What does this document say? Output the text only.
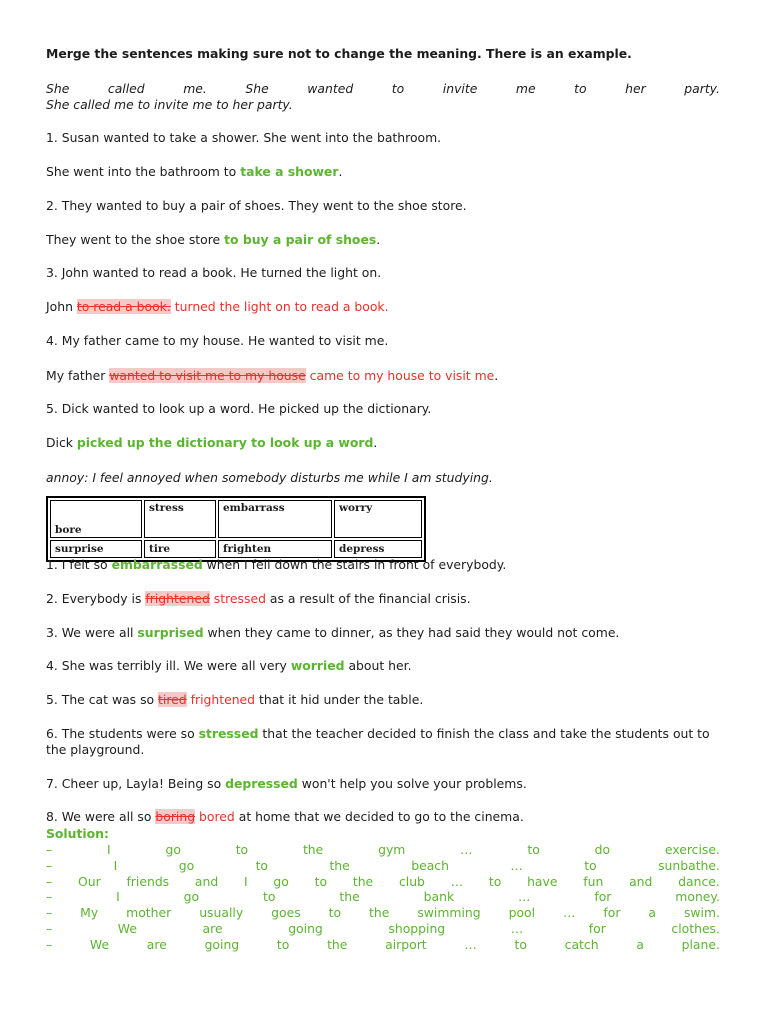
Merge the sentences making sure not to change the meaning. There is an example.
She	called	me.	She	wanted	to	invite	me	to	her	party.
She called me to invite me to her party.
1. Susan wanted to take a shower. She went into the bathroom.
She went into the bathroom to take a shower.
2. They wanted to buy a pair of shoes. They went to the shoe store.
They went to the shoe store to buy a pair of shoes.
3. John wanted to read a book. He turned the light on.
John to read a book. turned the light on to read a book.
4. My father came to my house. He wanted to visit me.
My father wanted to visit me to my house came to my house to visit me.
5. Dick wanted to look up a word. He picked up the dictionary.
Dick picked up the dictionary to look up a word.
annoy: I feel annoyed when somebody disturbs me while I am studying.
bore	stress	embarrass	worry
surprise	tire	frighten	depress
1. I felt so embarrassed when I fell down the stairs in front of everybody.
2. Everybody is frightened stressed as a result of the financial crisis.
3. We were all surprised when they came to dinner, as they had said they would not come.
4. She was terribly ill. We were all very worried about her.
5. The cat was so tired frightened that it hid under the table.
6. The students were so stressed that the teacher decided to finish the class and take the students out to
the playground.
7. Cheer up, Layla! Being so depressed won't help you solve your problems.
8. We were all so boring bored at home that we decided to go to the cinema.
Solution:
–	I	go	to	the	gym	…	to	do	exercise.
–	I	go	to	the	beach	…	to	sunbathe.
– Our friends and I go to the club … to have fun and dance.
–	I	go	to	the	bank	…	for	money.
– My mother usually goes to the swimming pool … for a swim.
–	We	are	going	shopping	…	for	clothes.
–	We	are	going	to	the	airport	…	to	catch	a	plane.
